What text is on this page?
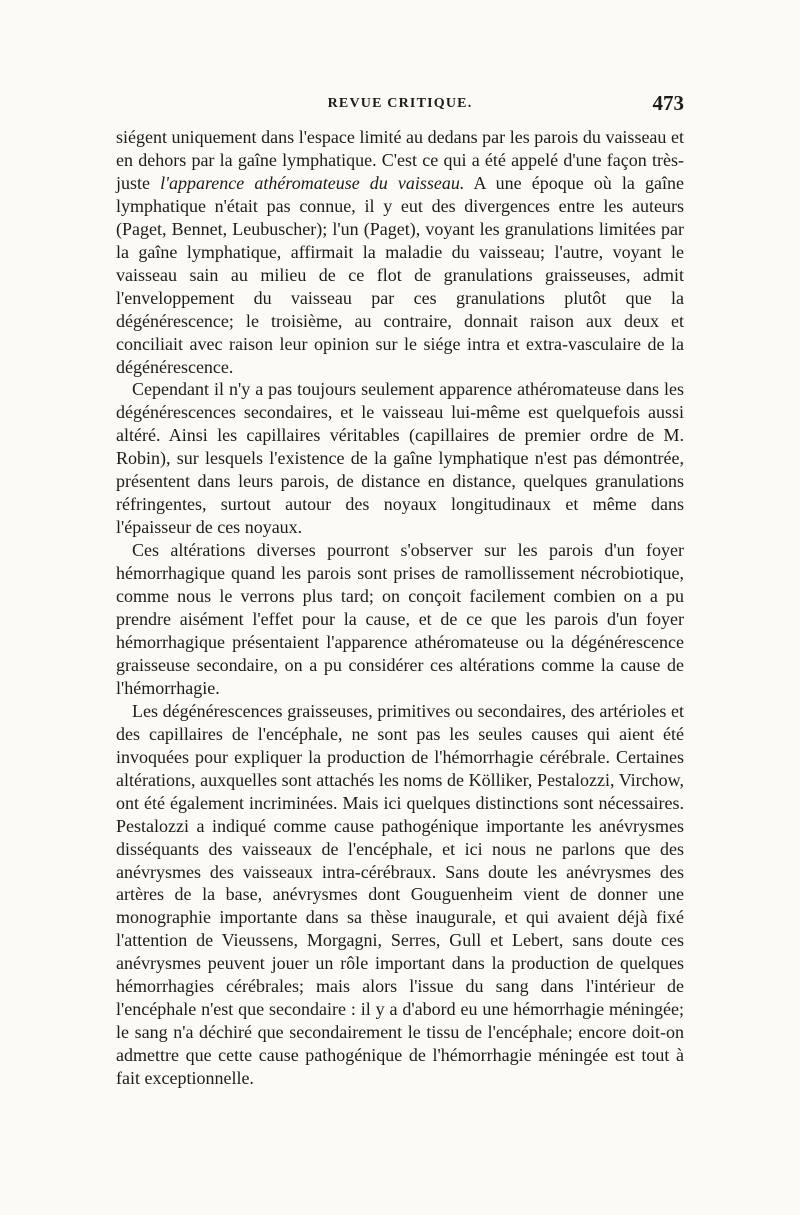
REVUE CRITIQUE.	473

siégent uniquement dans l'espace limité au dedans par les parois du vaisseau et en dehors par la gaîne lymphatique. C'est ce qui a été appelé d'une façon très-juste l'apparence athéromateuse du vaisseau. A une époque où la gaîne lymphatique n'était pas connue, il y eut des divergences entre les auteurs (Paget, Bennet, Leubuscher); l'un (Paget), voyant les granulations limitées par la gaîne lymphatique, affirmait la maladie du vaisseau; l'autre, voyant le vaisseau sain au milieu de ce flot de granulations graisseuses, admit l'enveloppement du vaisseau par ces granulations plutôt que la dégénérescence; le troisième, au contraire, donnait raison aux deux et conciliait avec raison leur opinion sur le siége intra et extra-vasculaire de la dégénérescence.

Cependant il n'y a pas toujours seulement apparence athéromateuse dans les dégénérescences secondaires, et le vaisseau lui-même est quelquefois aussi altéré. Ainsi les capillaires véritables (capillaires de premier ordre de M. Robin), sur lesquels l'existence de la gaîne lymphatique n'est pas démontrée, présentent dans leurs parois, de distance en distance, quelques granulations réfringentes, surtout autour des noyaux longitudinaux et même dans l'épaisseur de ces noyaux.

Ces altérations diverses pourront s'observer sur les parois d'un foyer hémorrhagique quand les parois sont prises de ramollissement nécrobiotique, comme nous le verrons plus tard; on conçoit facilement combien on a pu prendre aisément l'effet pour la cause, et de ce que les parois d'un foyer hémorrhagique présentaient l'apparence athéromateuse ou la dégénérescence graisseuse secondaire, on a pu considérer ces altérations comme la cause de l'hémorrhagie.

Les dégénérescences graisseuses, primitives ou secondaires, des artérioles et des capillaires de l'encéphale, ne sont pas les seules causes qui aient été invoquées pour expliquer la production de l'hémorrhagie cérébrale. Certaines altérations, auxquelles sont attachés les noms de Kölliker, Pestalozzi, Virchow, ont été également incriminées. Mais ici quelques distinctions sont nécessaires. Pestalozzi a indiqué comme cause pathogénique importante les anévrysmes disséquants des vaisseaux de l'encéphale, et ici nous ne parlons que des anévrysmes des vaisseaux intra-cérébraux. Sans doute les anévrysmes des artères de la base, anévrysmes dont Gouguenheim vient de donner une monographie importante dans sa thèse inaugurale, et qui avaient déjà fixé l'attention de Vieussens, Morgagni, Serres, Gull et Lebert, sans doute ces anévrysmes peuvent jouer un rôle important dans la production de quelques hémorrhagies cérébrales; mais alors l'issue du sang dans l'intérieur de l'encéphale n'est que secondaire : il y a d'abord eu une hémorrhagie méningée; le sang n'a déchiré que secondairement le tissu de l'encéphale; encore doit-on admettre que cette cause pathogénique de l'hémorrhagie méningée est tout à fait exceptionnelle.
